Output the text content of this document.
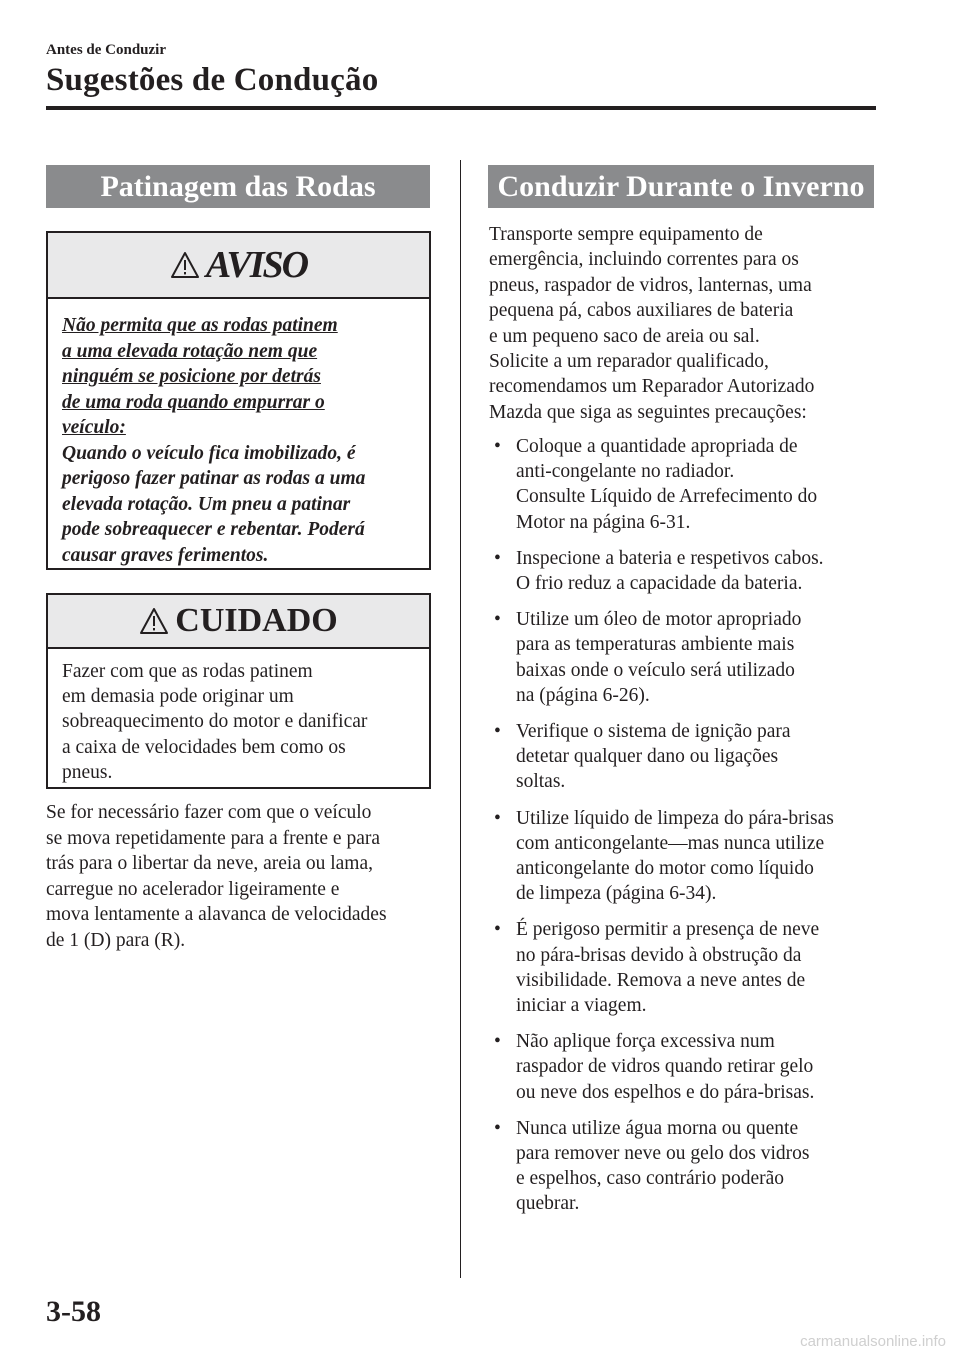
Antes de Conduzir
Sugestões de Condução
Patinagem das Rodas
AVISO
Não permita que as rodas patinem
a uma elevada rotação nem que
ninguém se posicione por detrás
de uma roda quando empurrar o
veículo:
Quando o veículo fica imobilizado, é
perigoso fazer patinar as rodas a uma
elevada rotação. Um pneu a patinar
pode sobreaquecer e rebentar. Poderá
causar graves ferimentos.
CUIDADO
Fazer com que as rodas patinem
em demasia pode originar um
sobreaquecimento do motor e danificar
a caixa de velocidades bem como os
pneus.
Se for necessário fazer com que o veículo
se mova repetidamente para a frente e para
trás para o libertar da neve, areia ou lama,
carregue no acelerador ligeiramente e
mova lentamente a alavanca de velocidades
de 1 (D) para (R).
Conduzir Durante o Inverno
Transporte sempre equipamento de
emergência, incluindo correntes para os
pneus, raspador de vidros, lanternas, uma
pequena pá, cabos auxiliares de bateria
e um pequeno saco de areia ou sal.
Solicite a um reparador qualificado,
recomendamos um Reparador Autorizado
Mazda que siga as seguintes precauções:
• Coloque a quantidade apropriada de
anti-congelante no radiador.
Consulte Líquido de Arrefecimento do
Motor na página 6-31.
• Inspecione a bateria e respetivos cabos.
O frio reduz a capacidade da bateria.
• Utilize um óleo de motor apropriado
para as temperaturas ambiente mais
baixas onde o veículo será utilizado
na (página 6-26).
• Verifique o sistema de ignição para
detetar qualquer dano ou ligações
soltas.
• Utilize líquido de limpeza do pára-brisas
com anticongelante—mas nunca utilize
anticongelante do motor como líquido
de limpeza (página 6-34).
• É perigoso permitir a presença de neve
no pára-brisas devido à obstrução da
visibilidade. Remova a neve antes de
iniciar a viagem.
• Não aplique força excessiva num
raspador de vidros quando retirar gelo
ou neve dos espelhos e do pára-brisas.
• Nunca utilize água morna ou quente
para remover neve ou gelo dos vidros
e espelhos, caso contrário poderão
quebrar.
3-58
carmanualsonline.info
